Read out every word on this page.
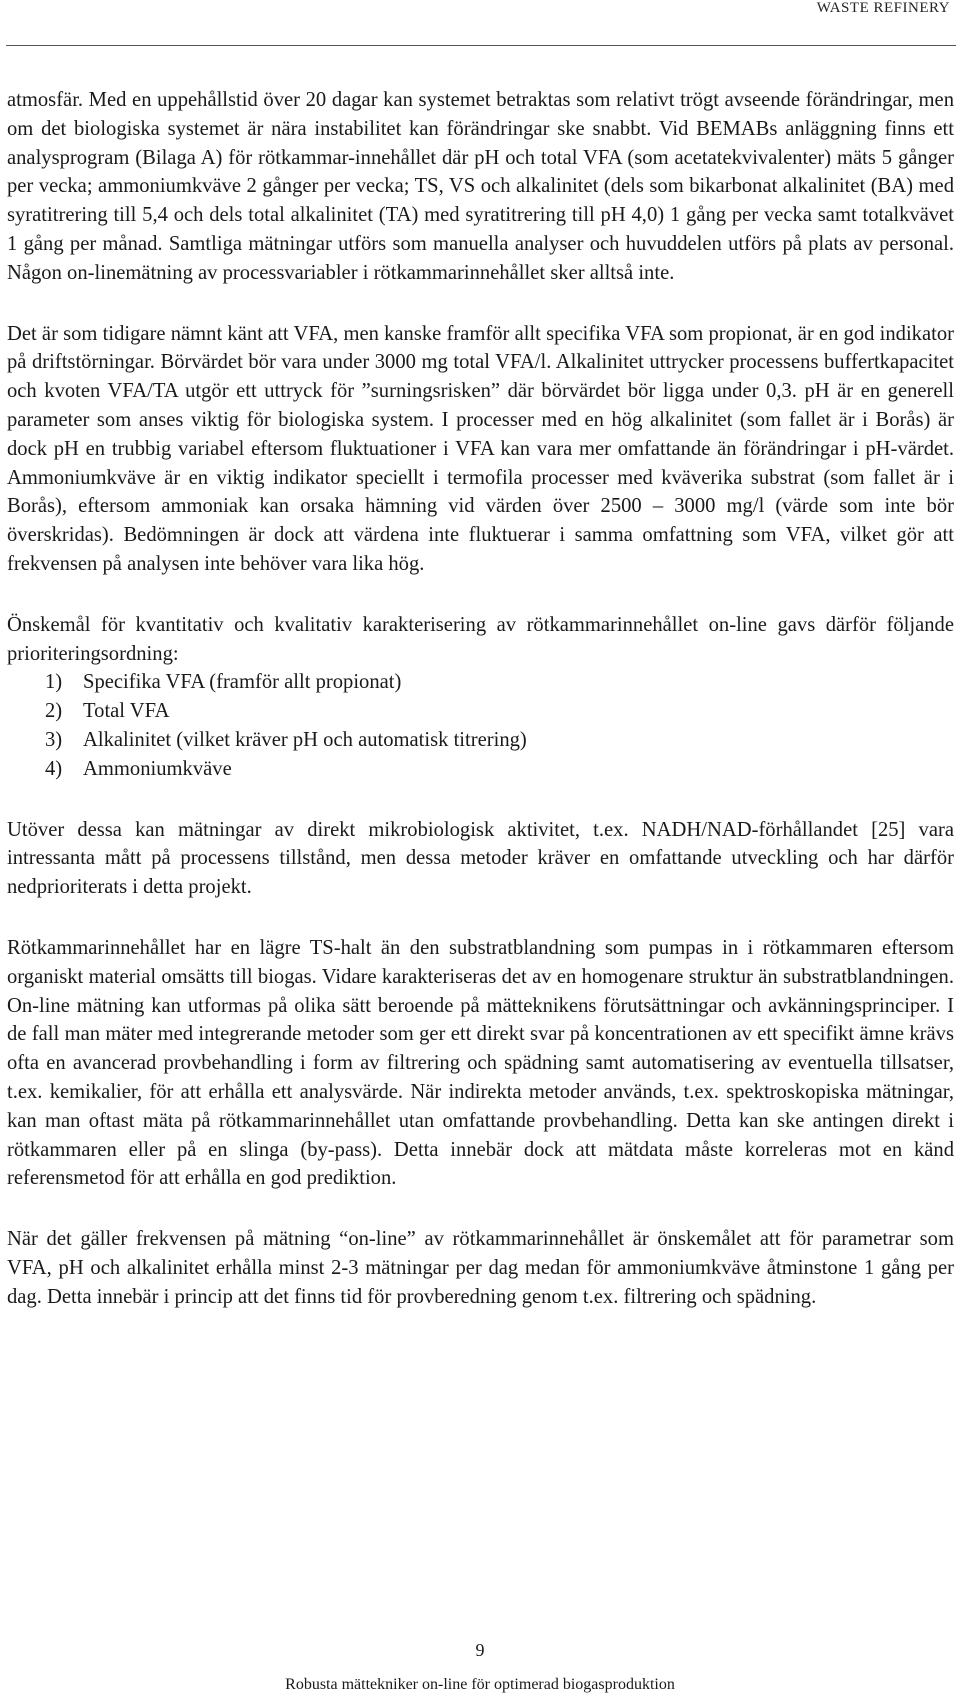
WASTE REFINERY

atmosfär. Med en uppehållstid över 20 dagar kan systemet betraktas som relativt trögt avseende förändringar, men om det biologiska systemet är nära instabilitet kan förändringar ske snabbt. Vid BEMABs anläggning finns ett analysprogram (Bilaga A) för rötkammar-innehållet där pH och total VFA (som acetatekvivalenter) mäts 5 gånger per vecka; ammoniumkväve 2 gånger per vecka; TS, VS och alkalinitet (dels som bikarbonat alkalinitet (BA) med syratitrering till 5,4 och dels total alkalinitet (TA) med syratitrering till pH 4,0) 1 gång per vecka samt totalkvävet 1 gång per månad. Samtliga mätningar utförs som manuella analyser och huvuddelen utförs på plats av personal. Någon on-linemätning av processvariabler i rötkammarinnehållet sker alltså inte.

Det är som tidigare nämnt känt att VFA, men kanske framför allt specifika VFA som propionat, är en god indikator på driftstörningar. Börvärdet bör vara under 3000 mg total VFA/l. Alkalinitet uttrycker processens buffertkapacitet och kvoten VFA/TA utgör ett uttryck för ”surningsrisken” där börvärdet bör ligga under 0,3. pH är en generell parameter som anses viktig för biologiska system. I processer med en hög alkalinitet (som fallet är i Borås) är dock pH en trubbig variabel eftersom fluktuationer i VFA kan vara mer omfattande än förändringar i pH-värdet. Ammoniumkväve är en viktig indikator speciellt i termofila processer med kväverika substrat (som fallet är i Borås), eftersom ammoniak kan orsaka hämning vid värden över 2500 – 3000 mg/l (värde som inte bör överskridas). Bedömningen är dock att värdena inte fluktuerar i samma omfattning som VFA, vilket gör att frekvensen på analysen inte behöver vara lika hög.

Önskemål för kvantitativ och kvalitativ karakterisering av rötkammarinnehållet on-line gavs därför följande prioriteringsordning:

1) Specifika VFA (framför allt propionat)
2) Total VFA
3) Alkalinitet (vilket kräver pH och automatisk titrering)
4) Ammoniumkväve

Utöver dessa kan mätningar av direkt mikrobiologisk aktivitet, t.ex. NADH/NAD-förhållandet [25] vara intressanta mått på processens tillstånd, men dessa metoder kräver en omfattande utveckling och har därför nedprioriterats i detta projekt.

Rötkammarinnehållet har en lägre TS-halt än den substratblandning som pumpas in i rötkammaren eftersom organiskt material omsätts till biogas. Vidare karakteriseras det av en homogenare struktur än substratblandningen. On-line mätning kan utformas på olika sätt beroende på mätteknikens förutsättningar och avkänningsprinciper. I de fall man mäter med integrerande metoder som ger ett direkt svar på koncentrationen av ett specifikt ämne krävs ofta en avancerad provbehandling i form av filtrering och spädning samt automatisering av eventuella tillsatser, t.ex. kemikalier, för att erhålla ett analysvärde. När indirekta metoder används, t.ex. spektroskopiska mätningar, kan man oftast mäta på rötkammarinnehållet utan omfattande provbehandling. Detta kan ske antingen direkt i rötkammaren eller på en slinga (by-pass). Detta innebär dock att mätdata måste korreleras mot en känd referensmetod för att erhålla en god prediktion.

När det gäller frekvensen på mätning “on-line” av rötkammarinnehållet är önskemålet att för parametrar som VFA, pH och alkalinitet erhålla minst 2-3 mätningar per dag medan för ammoniumkväve åtminstone 1 gång per dag. Detta innebär i princip att det finns tid för provberedning genom t.ex. filtrering och spädning.

9
Robusta mättekniker on-line för optimerad biogasproduktion
